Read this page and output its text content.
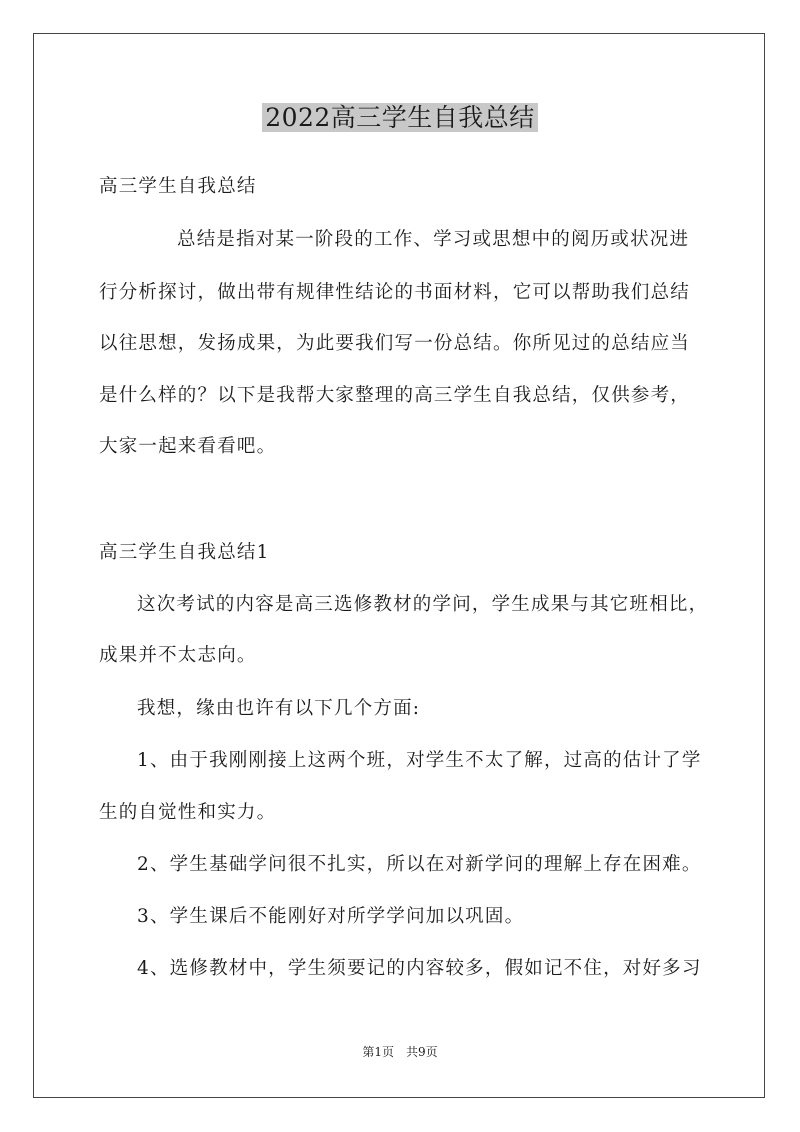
2022高三学生自我总结
高三学生自我总结
总结是指对某一阶段的工作、学习或思想中的阅历或状况进
行分析探讨，做出带有规律性结论的书面材料，它可以帮助我们总结
以往思想，发扬成果，为此要我们写一份总结。你所见过的总结应当
是什么样的？以下是我帮大家整理的高三学生自我总结，仅供参考，
大家一起来看看吧。
高三学生自我总结1
这次考试的内容是高三选修教材的学问，学生成果与其它班相比，
成果并不太志向。
我想，缘由也许有以下几个方面:
1、由于我刚刚接上这两个班，对学生不太了解，过高的估计了学
生的自觉性和实力。
2、学生基础学问很不扎实，所以在对新学问的理解上存在困难。
3、学生课后不能刚好对所学学问加以巩固。
4、选修教材中，学生须要记的内容较多，假如记不住，对好多习
第1页 共9页
